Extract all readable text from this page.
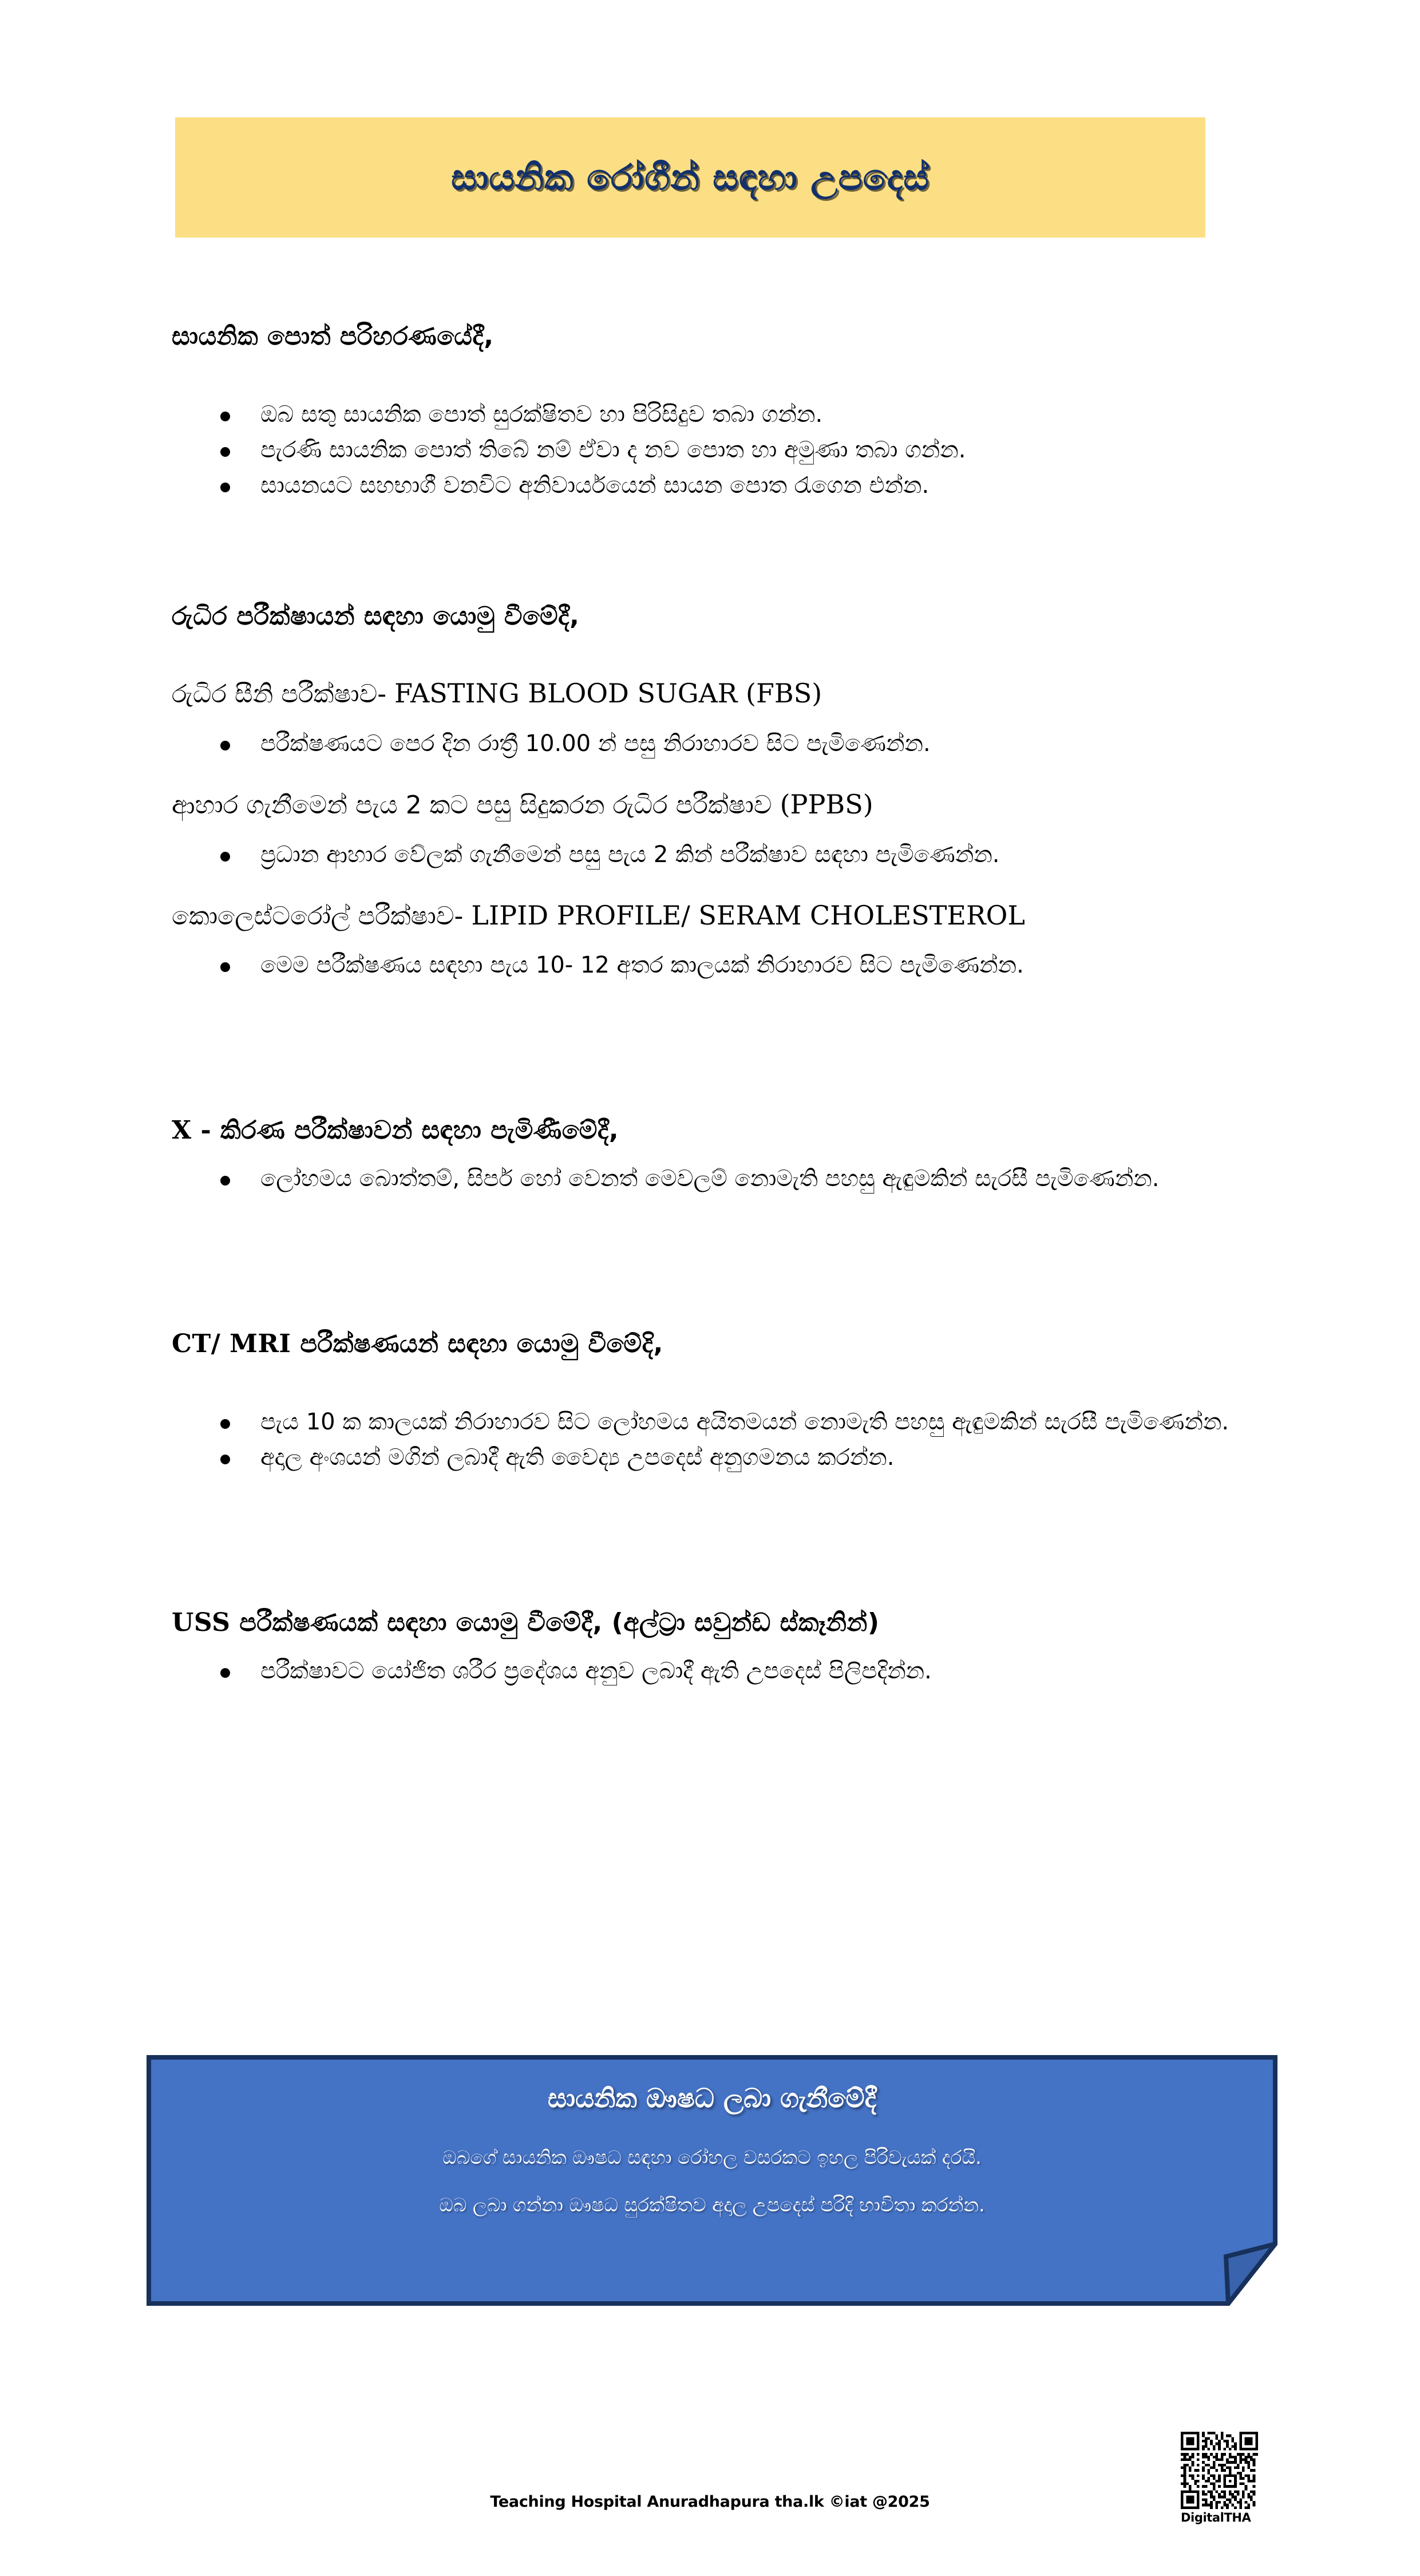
සායනික රෝගීන් සඳහා උපදෙස්
සායනික පොත් පරිහරණයේදී,
ඔබ සතු සායනික පොත් සුරක්ෂිතව හා පිරිසිදුව තබා ගන්න.
පැරණි සායනික පොත් තිබේ නම් ඒවා ද නව පොත හා අමුණා තබා ගන්න.
සායනයට සහභාගී වනවිට අනිවාර්යයෙන් සායන පොත රැගෙන එන්න.
රුධිර පරීක්ෂායන් සඳහා යොමු වීමේදී,
රුධිර සීනි පරීක්ෂාව- FASTING BLOOD SUGAR (FBS)
පරීක්ෂණයට පෙර දින රාත්‍රී 10.00 න් පසු නිරාහාරව සිට පැමිණෙන්න.
ආහාර ගැනීමෙන් පැය 2 කට පසු සිදුකරන රුධිර පරීක්ෂාව (PPBS)
ප්‍රධාන ආහාර වේලක් ගැනීමෙන් පසු පැය 2 කින් පරීක්ෂාව සඳහා පැමිණෙන්න.
කොලෙස්ටරෝල් පරීක්ෂාව- LIPID PROFILE/ SERAM CHOLESTEROL
මෙම පරීක්ෂණය සඳහා පැය 10- 12 අතර කාලයක් නිරාහාරව සිට පැමිණෙන්න.
X - කිරණ පරීක්ෂාවන් සඳහා පැමිණීමේදී,
ලෝහමය බොත්තම්, සිපර් හෝ වෙනත් මෙවලම් නොමැති පහසු ඇඳුමකින් සැරසී පැමිණෙන්න.
CT/ MRI පරීක්ෂණයන් සඳහා යොමු වීමේදි,
පැය 10 ක කාලයක් නිරාහාරව සිට ලෝහමය අයිතමයන් නොමැති පහසු ඇඳුමකින් සැරසී පැමිණෙන්න.
අදාල අංශයන් මගින් ලබාදී ඇති වෛද්‍ය උපදෙස් අනුගමනය කරන්න.
USS පරීක්ෂණයක් සඳහා යොමු වීමේදී, (අල්ට්‍රා සවුන්ඩ ස්කෑනින්)
පරීක්ෂාවට යෝජිත ශරීර ප්‍රදේශය අනුව ලබාදී ඇති උපදෙස් පිලිපදින්න.
සායනික ඖෂධ ලබා ගැනීමේදී
ඔබගේ සායනික ඖෂධ සඳහා රෝහල වසරකට ඉහල පිරිවැයක් දරයි.
ඔබ ලබා ගන්නා ඖෂධ සුරක්ෂිතව අදාල උපදෙස් පරිදි භාවිතා කරන්න.
Teaching Hospital Anuradhapura tha.lk ©iat @2025
DigitalTHA
